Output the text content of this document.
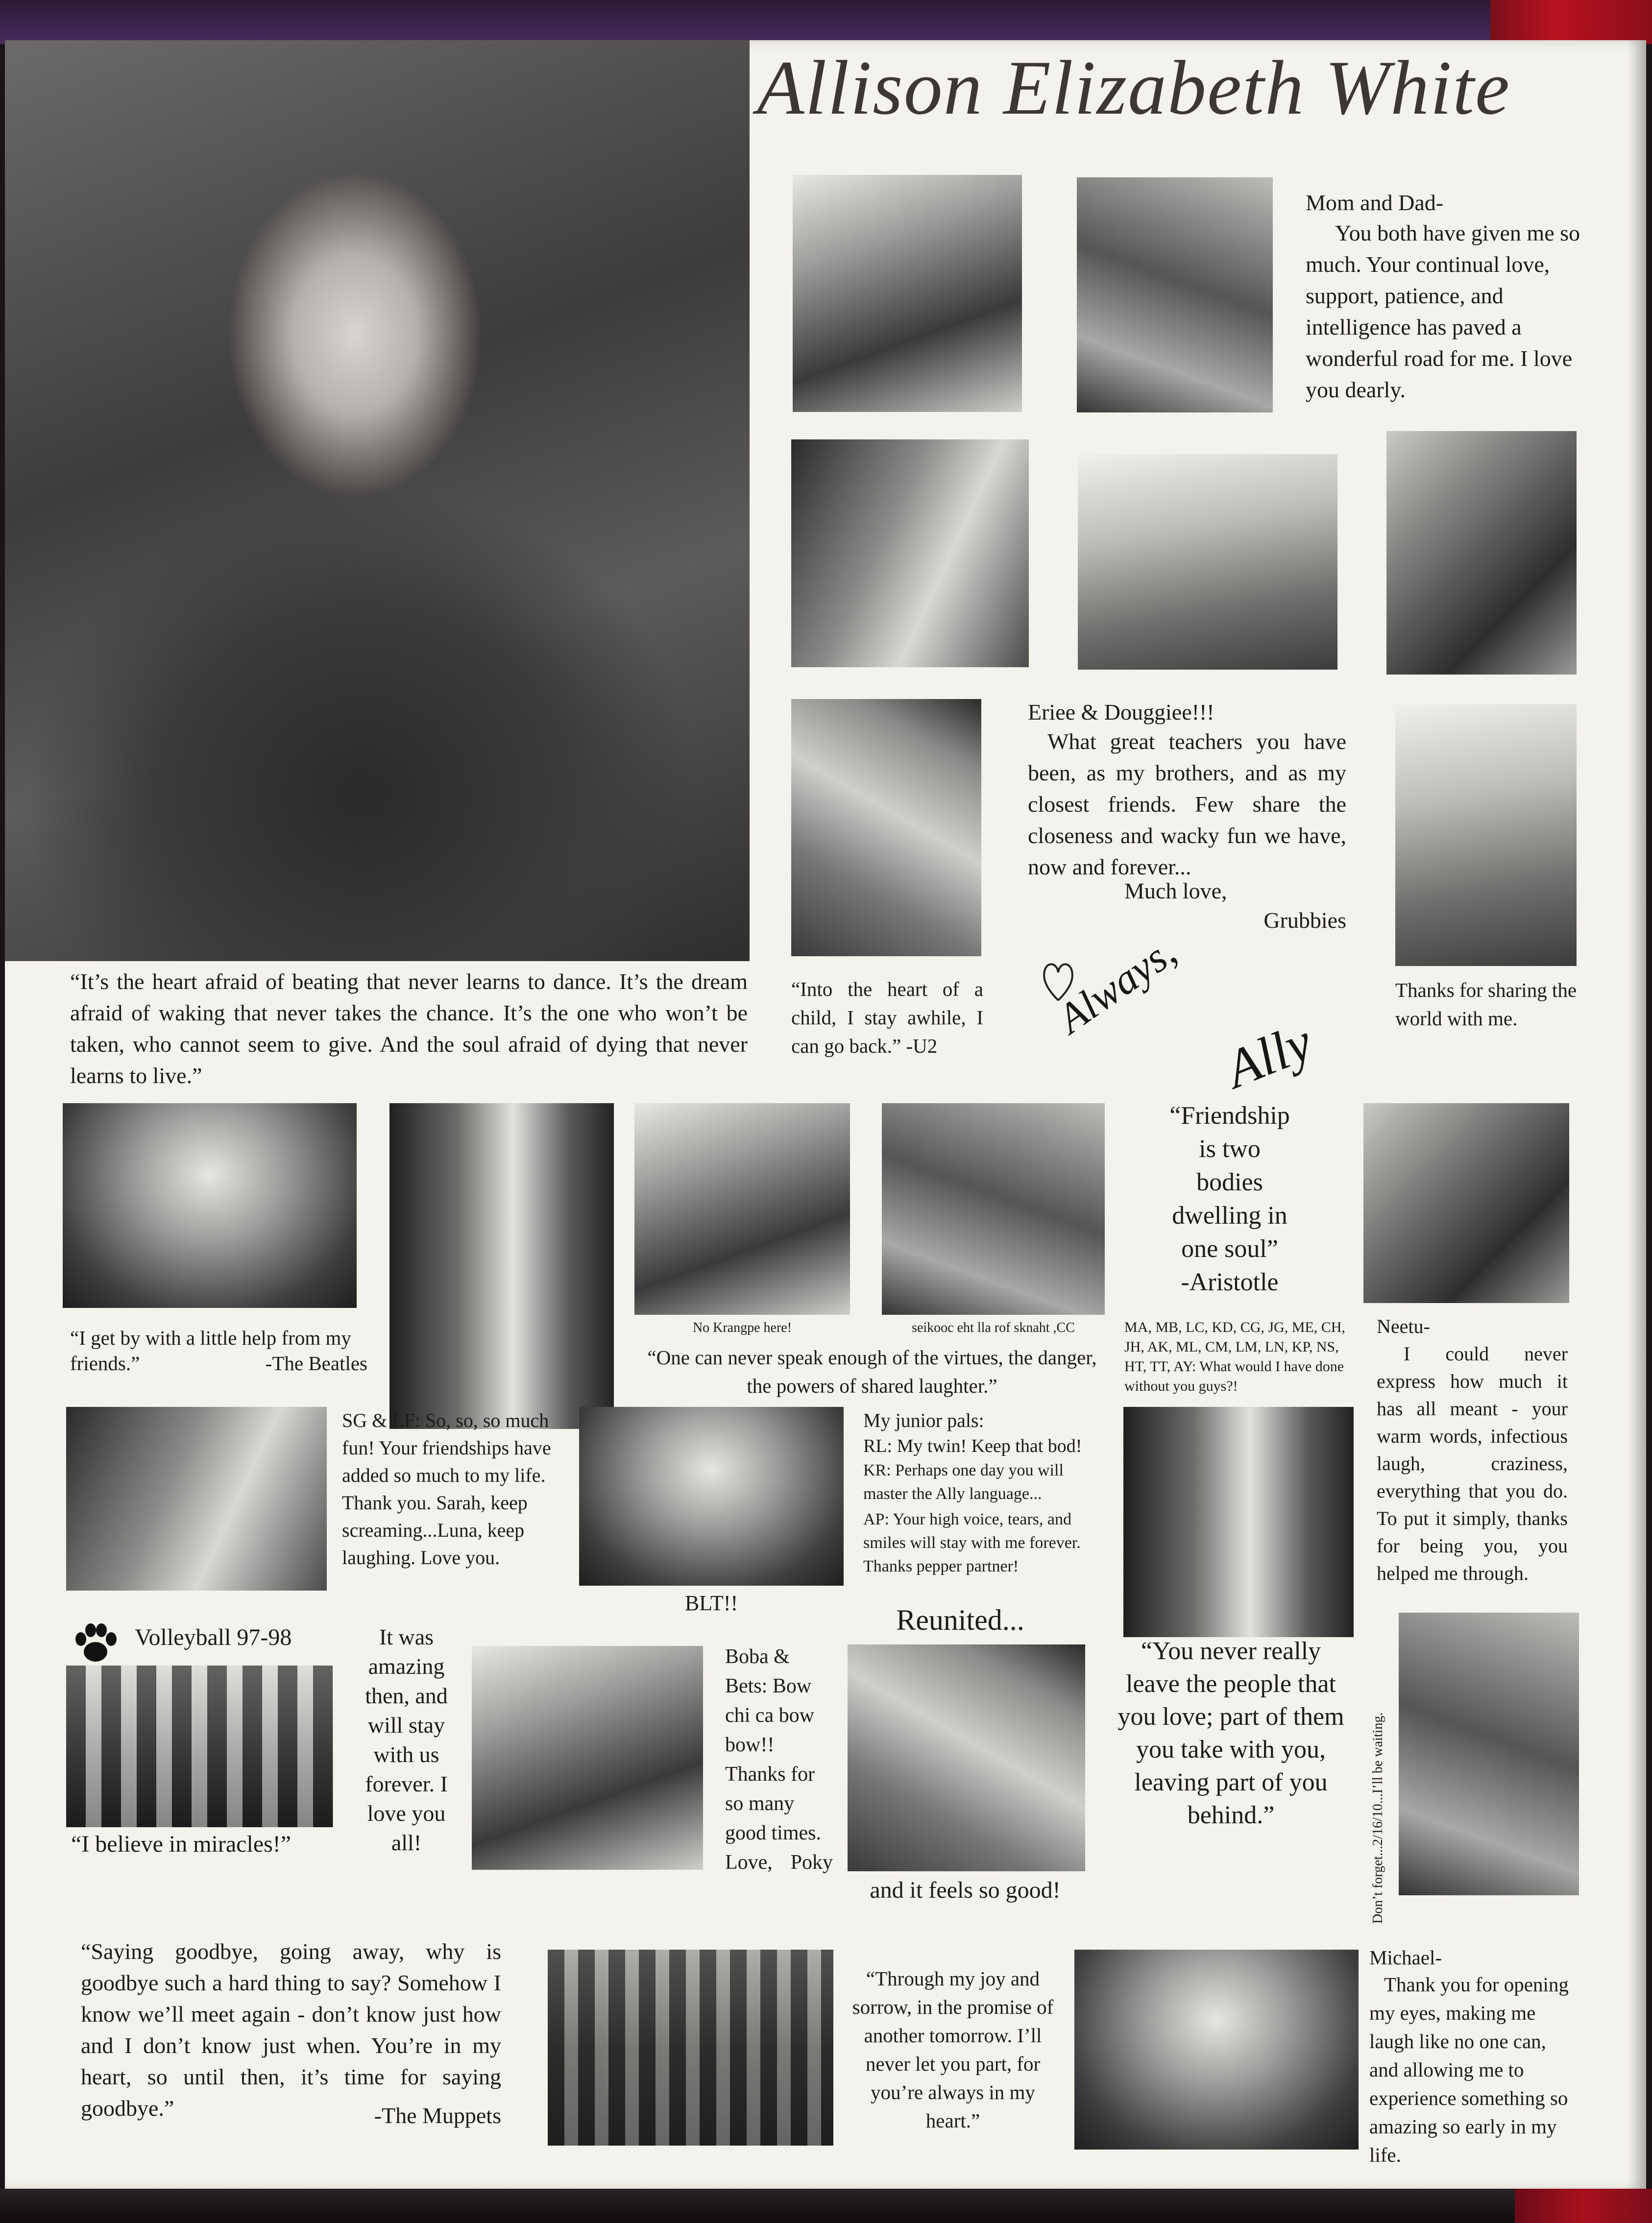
Allison Elizabeth White

Mom and Dad-

You both have given me so much. Your continual love, support, patience, and intelligence has paved a wonderful road for me. I love you dearly.

Eriee & Douggiee!!!

What great teachers you have been, as my brothers, and as my closest friends. Few share the closeness and wacky fun we have, now and forever...

Much love,

Grubbies

“It’s the heart afraid of beating that never learns to dance. It’s the dream afraid of waking that never takes the chance. It’s the one who won’t be taken, who cannot seem to give. And the soul afraid of dying that never learns to live.”

“Into the heart of a child, I stay awhile, I can go back.” -U2

Always,
Ally

Thanks for sharing the world with me.

“Friendship
is two
bodies
dwelling in
one soul”
-Aristotle

“I get by with a little help from my

friends.”	-The Beatles

No Krangpe here!	seikooc eht lla rof sknaht ,CC

“One can never speak enough of the virtues, the danger, the powers of shared laughter.”

MA, MB, LC, KD, CG, JG, ME, CH, JH, AK, ML, CM, LM, LN, KP, NS, HT, TT, AY: What would I have done without you guys?!

Neetu-

I could never express how much it has all meant - your warm words, infectious laugh, craziness, everything that you do. To put it simply, thanks for being you, you helped me through.

SG & LF: So, so, so much fun! Your friendships have added so much to my life. Thank you. Sarah, keep screaming...Luna, keep laughing. Love you.

BLT!!

My junior pals:

RL: My twin! Keep that bod!

KR: Perhaps one day you will master the Ally language...

AP: Your high voice, tears, and smiles will stay with me forever. Thanks pepper partner!

Volleyball 97-98

“I believe in miracles!”

It was
amazing
then, and
will stay
with us
forever. I
love you
all!

Boba &
Bets: Bow
chi ca bow
bow!!
Thanks for
so many
good times.
Love, Poky

Reunited...

and it feels so good!

“You never really leave the people that you love; part of them you take with you, leaving part of you behind.”	Don’t forget...2/16/10...I’ll be waiting.

“Saying goodbye, going away, why is goodbye such a hard thing to say? Somehow I know we’ll meet again - don’t know just how and I don’t know just when. You’re in my heart, so until then, it’s time for saying goodbye.”	-The Muppets

“Through my joy and sorrow, in the promise of another tomorrow. I’ll never let you part, for you’re always in my heart.”

Michael-

Thank you for opening my eyes, making me laugh like no one can, and allowing me to experience something so amazing so early in my life.
